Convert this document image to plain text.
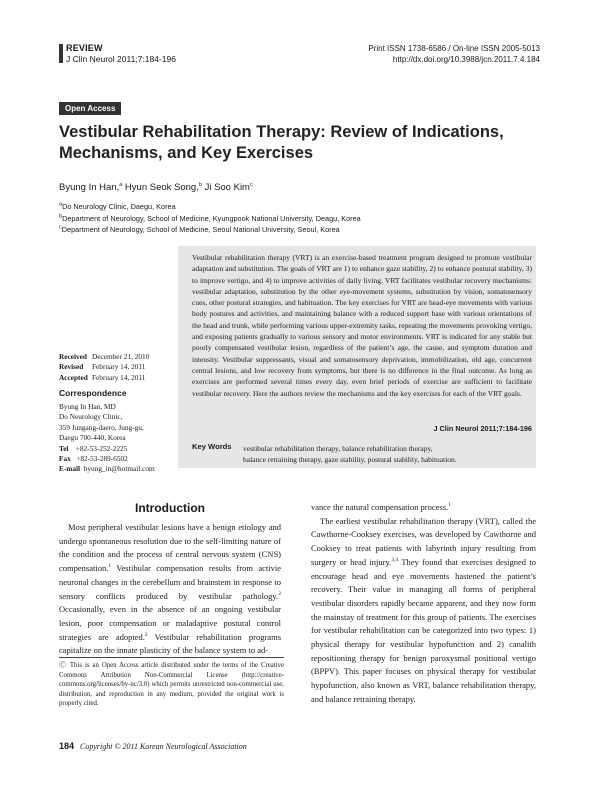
REVIEW
J Clin Neurol 2011;7:184-196
Print ISSN 1738-6586 / On-line ISSN 2005-5013
http://dx.doi.org/10.3988/jcn.2011.7.4.184
Open Access
Vestibular Rehabilitation Therapy: Review of Indications,
Mechanisms, and Key Exercises
Byung In Han,$^a$ Hyun Seok Song,$^b$ Ji Soo Kim$^c$
$^a$Do Neurology Clinic, Daegu, Korea
$^b$Department of Neurology, School of Medicine, Kyungpook National University, Deagu, Korea
$^c$Department of Neurology, School of Medicine, Seoul National University, Seoul, Korea
Received December 21, 2010
Revised	February 14, 2011
Accepted February 14, 2011
Correspondence
Byung In Han, MD
Do Neurology Clinic,
359 Jungang-daero, Jung-gu,
Daegu 700-440, Korea
Tel +82-53-252-2225
Fax +82-53-289-6502
E-mail byung_in@hotmail.com
Vestibular rehabilitation therapy (VRT) is an exercise-based treatment program designed to promote vestibular adaptation and substitution. The goals of VRT are 1) to enhance gaze stability, 2) to enhance postural stability, 3) to improve vertigo, and 4) to improve activities of daily living. VRT facilitates vestibular recovery mechanisms: vestibular adaptation, substitution by the other eye-movement systems, substitution by vision, somatosensory cues, other postural strategies, and habituation. The key exercises for VRT are head-eye movements with various body postures and activities, and maintaining balance with a reduced support base with various orientations of the head and trunk, while performing various upper-extremity tasks, repeating the movements provoking vertigo, and exposing patients gradually to various sensory and motor environments. VRT is indicated for any stable but poorly compensated vestibular lesion, regardless of the patient’s age, the cause, and symptom duration and intensity. Vestibular suppressants, visual and somatosensory deprivation, immobilization, old age, concurrent central lesions, and low recovery from symptoms, but there is no difference in the final outcome. As long as exercises are performed several times every day, even brief periods of exercise are sufficient to facilitate vestibular recovery. Here the authors review the mechanisms and the key exercises for each of the VRT goals.
J Clin Neurol 2011;7:184-196
Key Words vestibular rehabilitation therapy, balance rehabilitation therapy,
balance retraining therapy, gaze stability, postural stability, habituation.
Introduction

Most peripheral vestibular lesions have a benign etiology and undergo spontaneous resolution due to the self-limiting nature of the condition and the process of central nervous system (CNS) compensation.$^1$ Vestibular compensation results from activie neuronal changes in the cerebellum and brainstem in response to sensory conflicts produced by vestibular pathology.$^2$ Occasionally, even in the absence of an ongoing vestibular lesion, poor compensation or maladaptive postural control strategies are adopted.$^2$ Vestibular rehabilitation programs capitalize on the innate plasticity of the balance system to ad-

vance the natural compensation process.$^1$

The earliest vestibular rehabilitation therapy (VRT), called the Cawthorne-Cooksey exercises, was developed by Cawthorne and Cooksey to treat patients with labyrinth injury resulting from surgery or head injury.$^{3,4}$ They found that exercises designed to encourage head and eye movements hastened the patient’s recovery. Their value in managing all forms of peripheral vestibular disorders rapidly became apparent, and they now form the mainstay of treatment for this group of patients. The exercises for vestibular rehabilitation can be categorized into two types: 1) physical therapy for vestibular hypofunction and 2) canalith repositioning therapy for benign paroxysmal positional vertigo (BPPV). This paper focuses on physical therapy for vestibular hypofunction, also known as VRT, balance rehabilitation therapy, and balance retraining therapy.

Ⓒ This is an Open Access article distributed under the terms of the Creative Commons Attribution Non-Commercial License (http://creative-commons.org/licenses/by-nc/3.0) which permits unrestricted non-commercial use, distribution, and reproduction in any medium, provided the original work is properly cited.
184 Copyright © 2011 Korean Neurological Association
